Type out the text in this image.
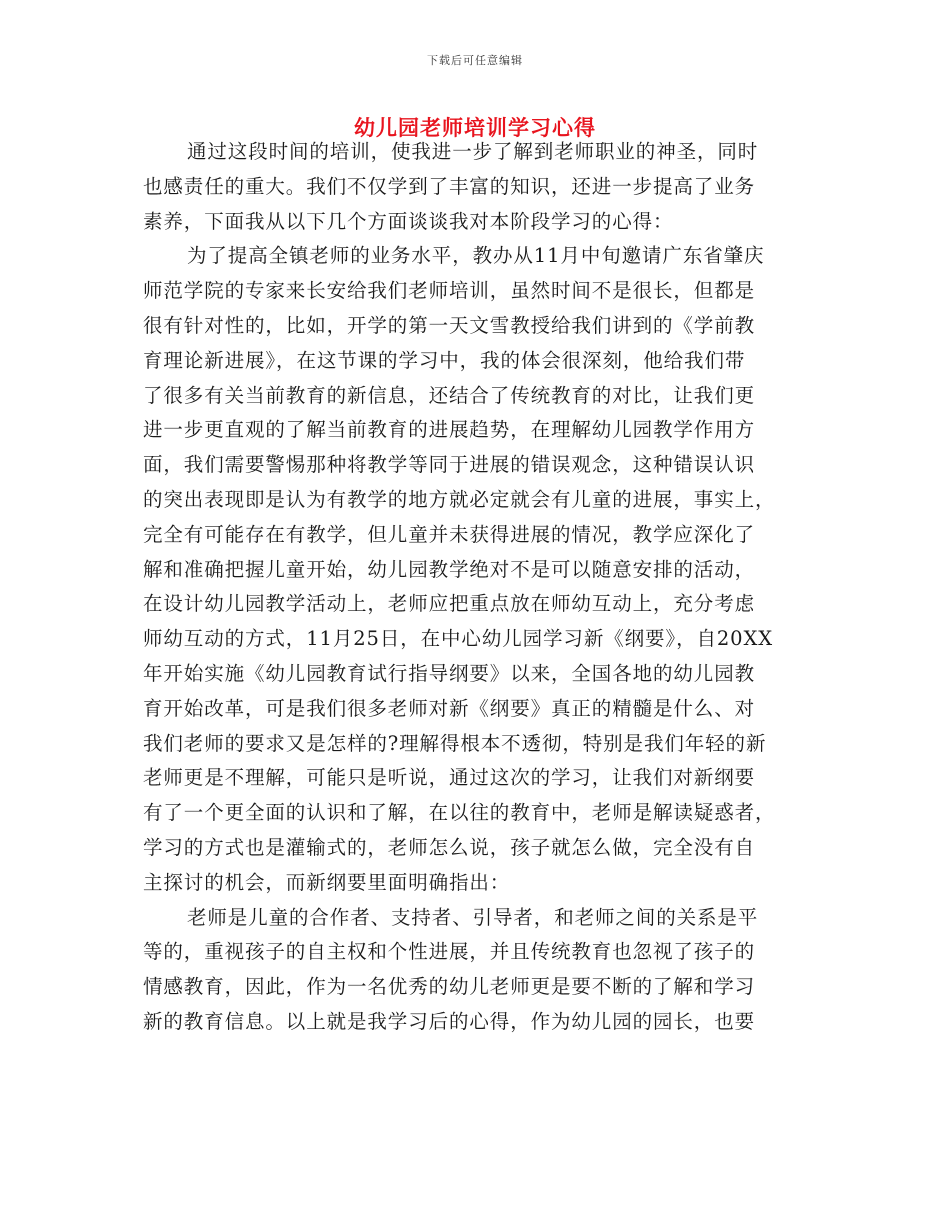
下载后可任意编辑
幼儿园老师培训学习心得

通过这段时间的培训，使我进一步了解到老师职业的神圣，同时
也感责任的重大。我们不仅学到了丰富的知识，还进一步提高了业务
素养，下面我从以下几个方面谈谈我对本阶段学习的心得：

为了提高全镇老师的业务水平，教办从11月中旬邀请广东省肇庆
师范学院的专家来长安给我们老师培训，虽然时间不是很长，但都是
很有针对性的，比如，开学的第一天文雪教授给我们讲到的《学前教
育理论新进展》，在这节课的学习中，我的体会很深刻，他给我们带
了很多有关当前教育的新信息，还结合了传统教育的对比，让我们更
进一步更直观的了解当前教育的进展趋势，在理解幼儿园教学作用方
面，我们需要警惕那种将教学等同于进展的错误观念，这种错误认识
的突出表现即是认为有教学的地方就必定就会有儿童的进展，事实上，
完全有可能存在有教学，但儿童并未获得进展的情况，教学应深化了
解和准确把握儿童开始，幼儿园教学绝对不是可以随意安排的活动，
在设计幼儿园教学活动上，老师应把重点放在师幼互动上，充分考虑
师幼互动的方式，11月25日，在中心幼儿园学习新《纲要》，自20XX
年开始实施《幼儿园教育试行指导纲要》以来，全国各地的幼儿园教
育开始改革，可是我们很多老师对新《纲要》真正的精髓是什么、对
我们老师的要求又是怎样的?理解得根本不透彻，特别是我们年轻的新
老师更是不理解，可能只是听说，通过这次的学习，让我们对新纲要
有了一个更全面的认识和了解，在以往的教育中，老师是解读疑惑者，
学习的方式也是灌输式的，老师怎么说，孩子就怎么做，完全没有自
主探讨的机会，而新纲要里面明确指出：

老师是儿童的合作者、支持者、引导者，和老师之间的关系是平
等的，重视孩子的自主权和个性进展，并且传统教育也忽视了孩子的
情感教育，因此，作为一名优秀的幼儿老师更是要不断的了解和学习
新的教育信息。以上就是我学习后的心得，作为幼儿园的园长，也要
